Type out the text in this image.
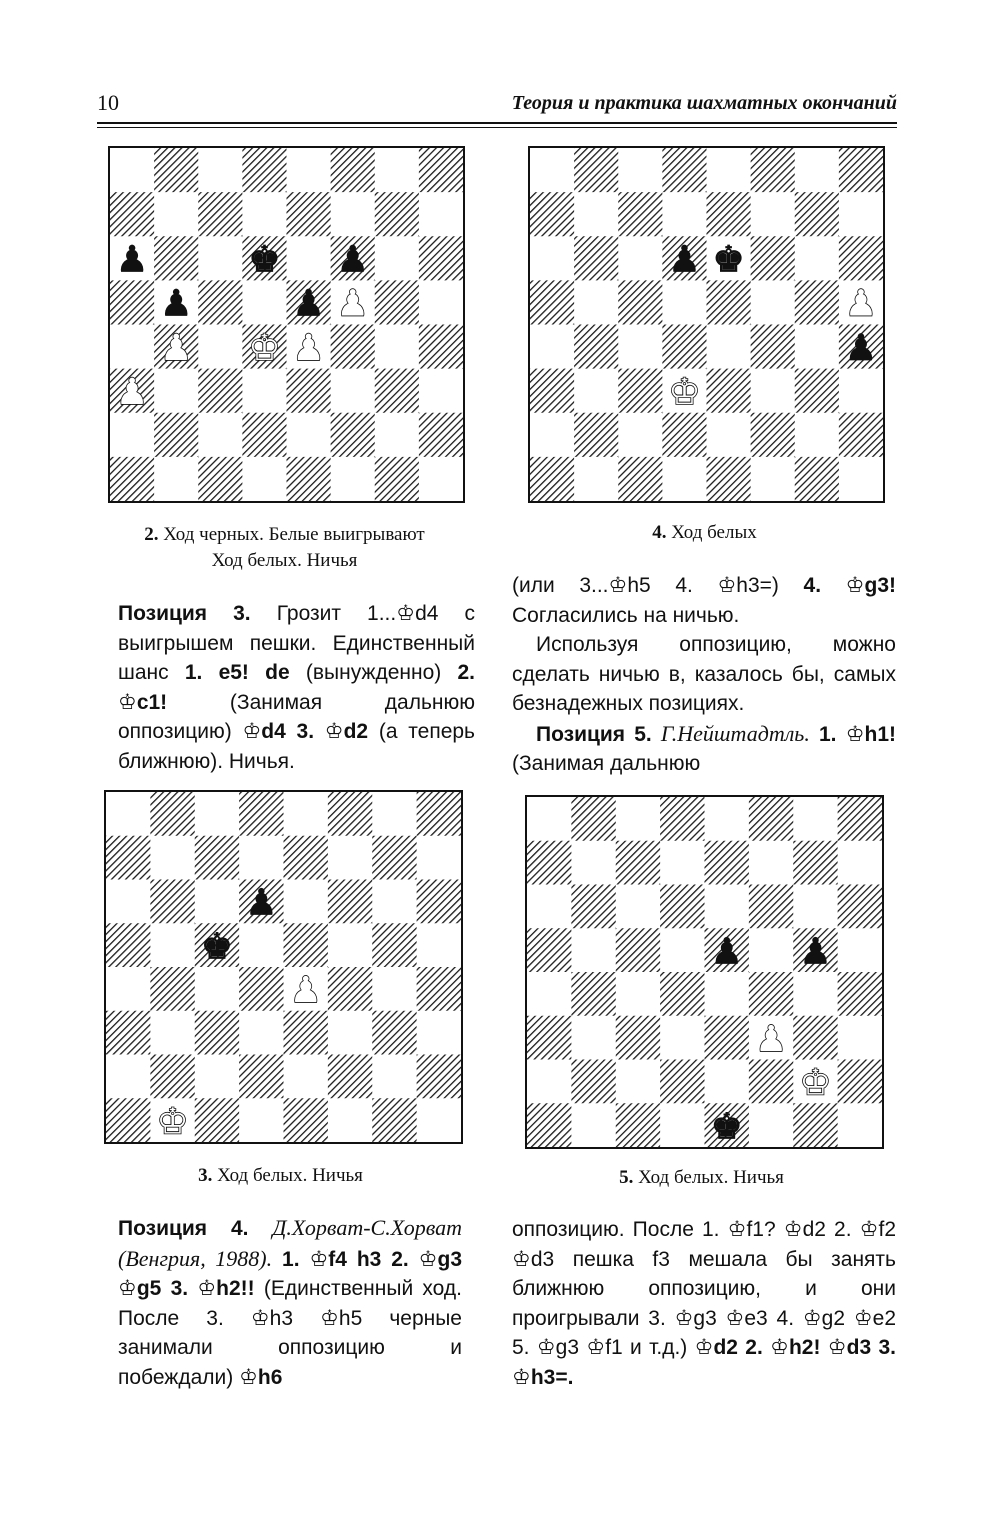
10	Теория и практика шахматных окончаний
♟	♚ ♟
♟	♟ ♟
♟ ♚ ♟
♟
♟ ♚
♟
♟
♚
♟
♚
♟
♚
♟ ♟
♟
♚
♚
2. Ход черных. Белые выигрывают
Ход белых. Ничья
4. Ход белых
3. Ход белых. Ничья	5. Ход белых. Ничья

Позиция 3. Грозит 1...♔d4 с выигрышем пешки. Единственный шанс 1. e5! de (вынужденно) 2. ♔c1! (Занимая дальнюю оппозицию) ♔d4 3. ♔d2 (а теперь ближнюю). Ничья.

(или 3...♔h5 4. ♔h3=) 4. ♔g3! Согласились на ничью.

Используя оппозицию, можно сделать ничью в, казалось бы, самых безнадежных позициях.

Позиция 5. Г.Нейштадтль. 1. ♔h1! (Занимая дальнюю

Позиция 4. Д.Хорват-С.Хорват (Венгрия, 1988). 1. ♔f4 h3 2. ♔g3 ♔g5 3. ♔h2!! (Единственный ход. После 3. ♔h3 ♔h5 черные занимали оппозицию и побеждали) ♔h6

оппозицию. После 1. ♔f1? ♔d2 2. ♔f2 ♔d3 пешка f3 мешала бы занять ближнюю оппозицию, и они проигрывали 3. ♔g3 ♔e3 4. ♔g2 ♔e2 5. ♔g3 ♔f1 и т.д.) ♔d2 2. ♔h2! ♔d3 3. ♔h3=.
